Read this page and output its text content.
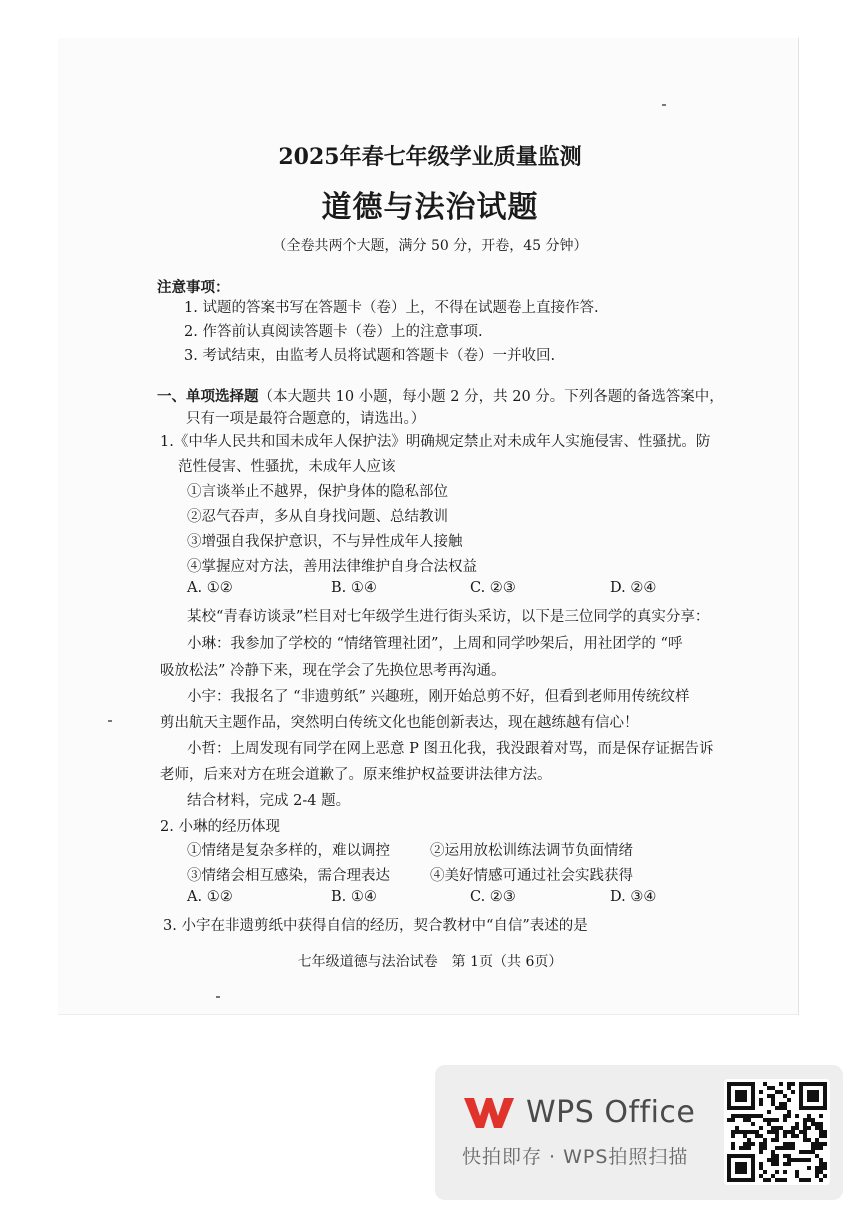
2025年春七年级学业质量监测
道德与法治试题
（全卷共两个大题，满分 50 分，开卷，45 分钟）
注意事项：
1. 试题的答案书写在答题卡（卷）上，不得在试题卷上直接作答.
2. 作答前认真阅读答题卡（卷）上的注意事项.
3. 考试结束，由监考人员将试题和答题卡（卷）一并收回.
一、单项选择题（本大题共 10 小题，每小题 2 分，共 20 分。下列各题的备选答案中，
只有一项是最符合题意的，请选出。）
1.《中华人民共和国未成年人保护法》明确规定禁止对未成年人实施侵害、性骚扰。防
范性侵害、性骚扰，未成年人应该
①言谈举止不越界，保护身体的隐私部位
②忍气吞声，多从自身找问题、总结教训
③增强自我保护意识，不与异性成年人接触
④掌握应对方法，善用法律维护自身合法权益
A. ①②	B. ①④	C. ②③	D. ②④
某校“青春访谈录”栏目对七年级学生进行街头采访，以下是三位同学的真实分享：
小琳：我参加了学校的 “情绪管理社团”，上周和同学吵架后，用社团学的 “呼
吸放松法” 冷静下来，现在学会了先换位思考再沟通。
小宇：我报名了 “非遗剪纸” 兴趣班，刚开始总剪不好，但看到老师用传统纹样
剪出航天主题作品，突然明白传统文化也能创新表达，现在越练越有信心！
小哲：上周发现有同学在网上恶意 P 图丑化我，我没跟着对骂，而是保存证据告诉
老师，后来对方在班会道歉了。原来维护权益要讲法律方法。
结合材料，完成 2-4 题。
2. 小琳的经历体现
①情绪是复杂多样的，难以调控	②运用放松训练法调节负面情绪
③情绪会相互感染，需合理表达	④美好情感可通过社会实践获得
A. ①②	B. ①④	C. ②③	D. ③④
3. 小宇在非遗剪纸中获得自信的经历，契合教材中“自信”表述的是
七年级道德与法治试卷　第 1页（共 6页）
WPS Office
快拍即存 · WPS拍照扫描
